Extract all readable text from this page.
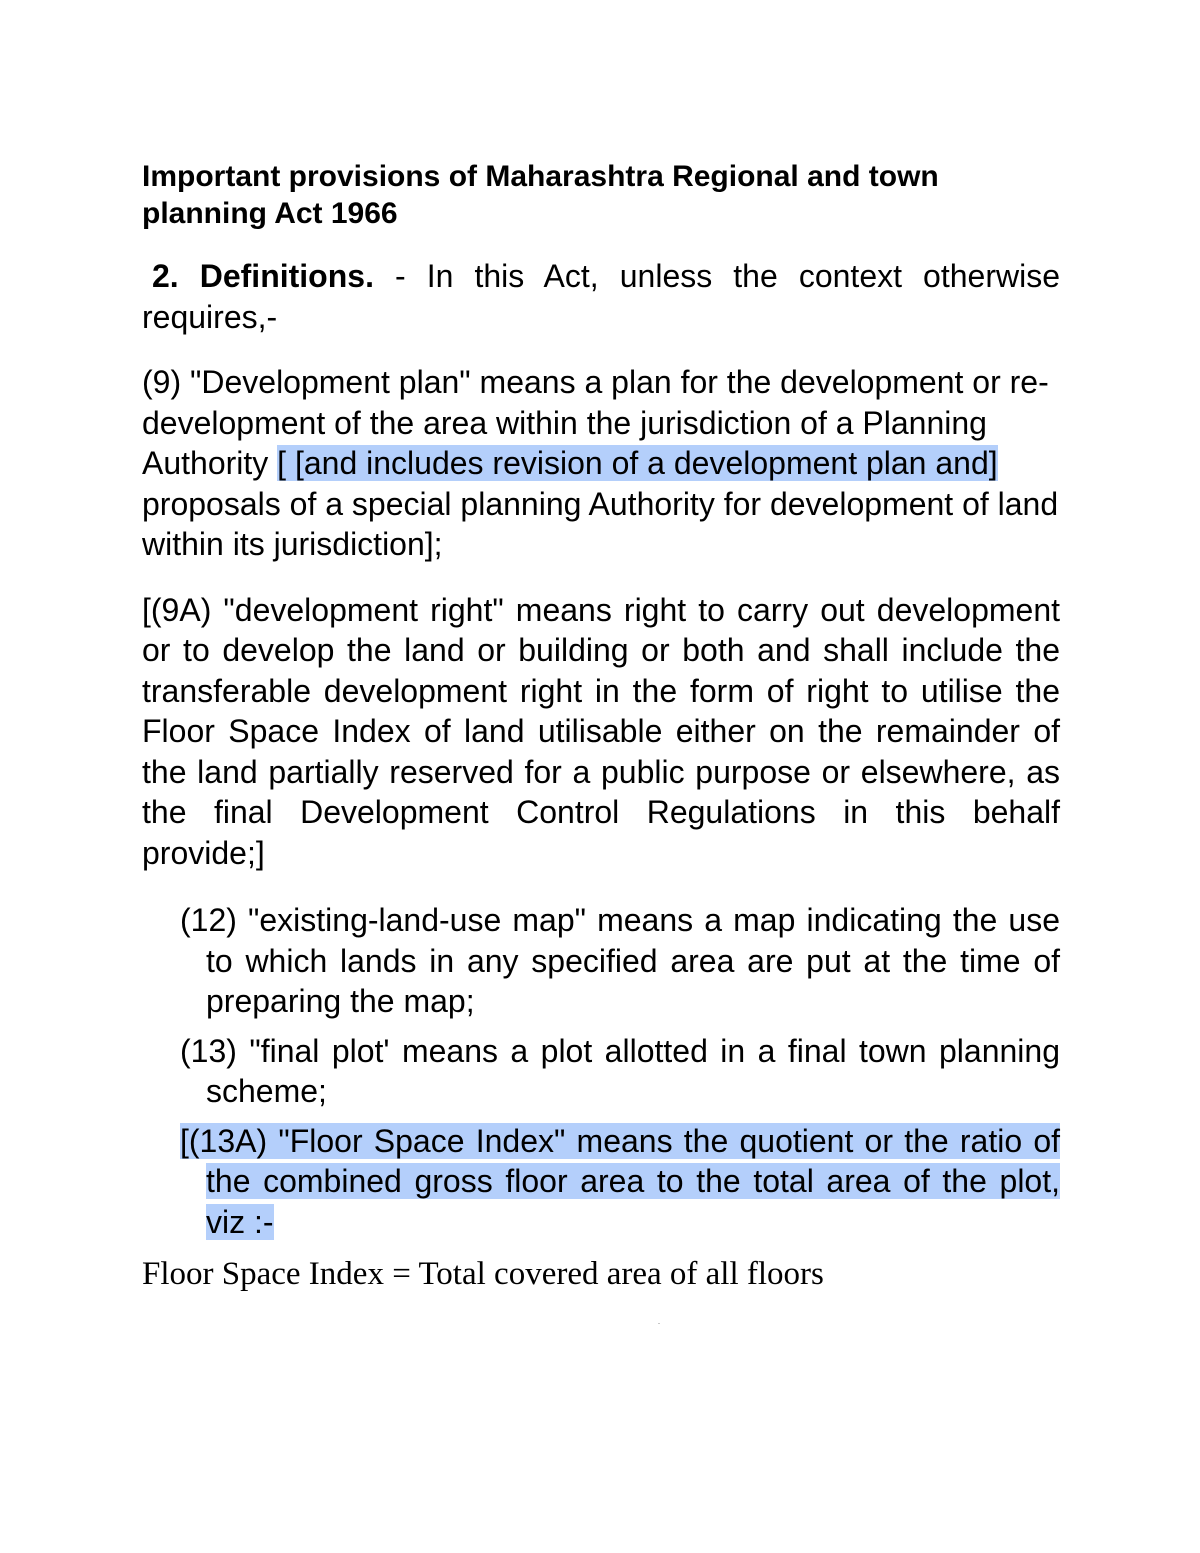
Important provisions of Maharashtra Regional and town planning Act 1966

2. Definitions. - In this Act, unless the context otherwise requires,-

(9) "Development plan" means a plan for the development or re-development of the area within the jurisdiction of a Planning Authority [ [and includes revision of a development plan and] proposals of a special planning Authority for development of land within its jurisdiction];

[(9A) "development right" means right to carry out development or to develop the land or building or both and shall include the transferable development right in the form of right to utilise the Floor Space Index of land utilisable either on the remainder of the land partially reserved for a public purpose or elsewhere, as the final Development Control Regulations in this behalf provide;]

(12) "existing-land-use map" means a map indicating the use to which lands in any specified area are put at the time of preparing the map;

(13) "final plot' means a plot allotted in a final town planning scheme;

[(13A) "Floor Space Index" means the quotient or the ratio of the combined gross floor area to the total area of the plot, viz :-

Floor Space Index = Total covered area of all floors
